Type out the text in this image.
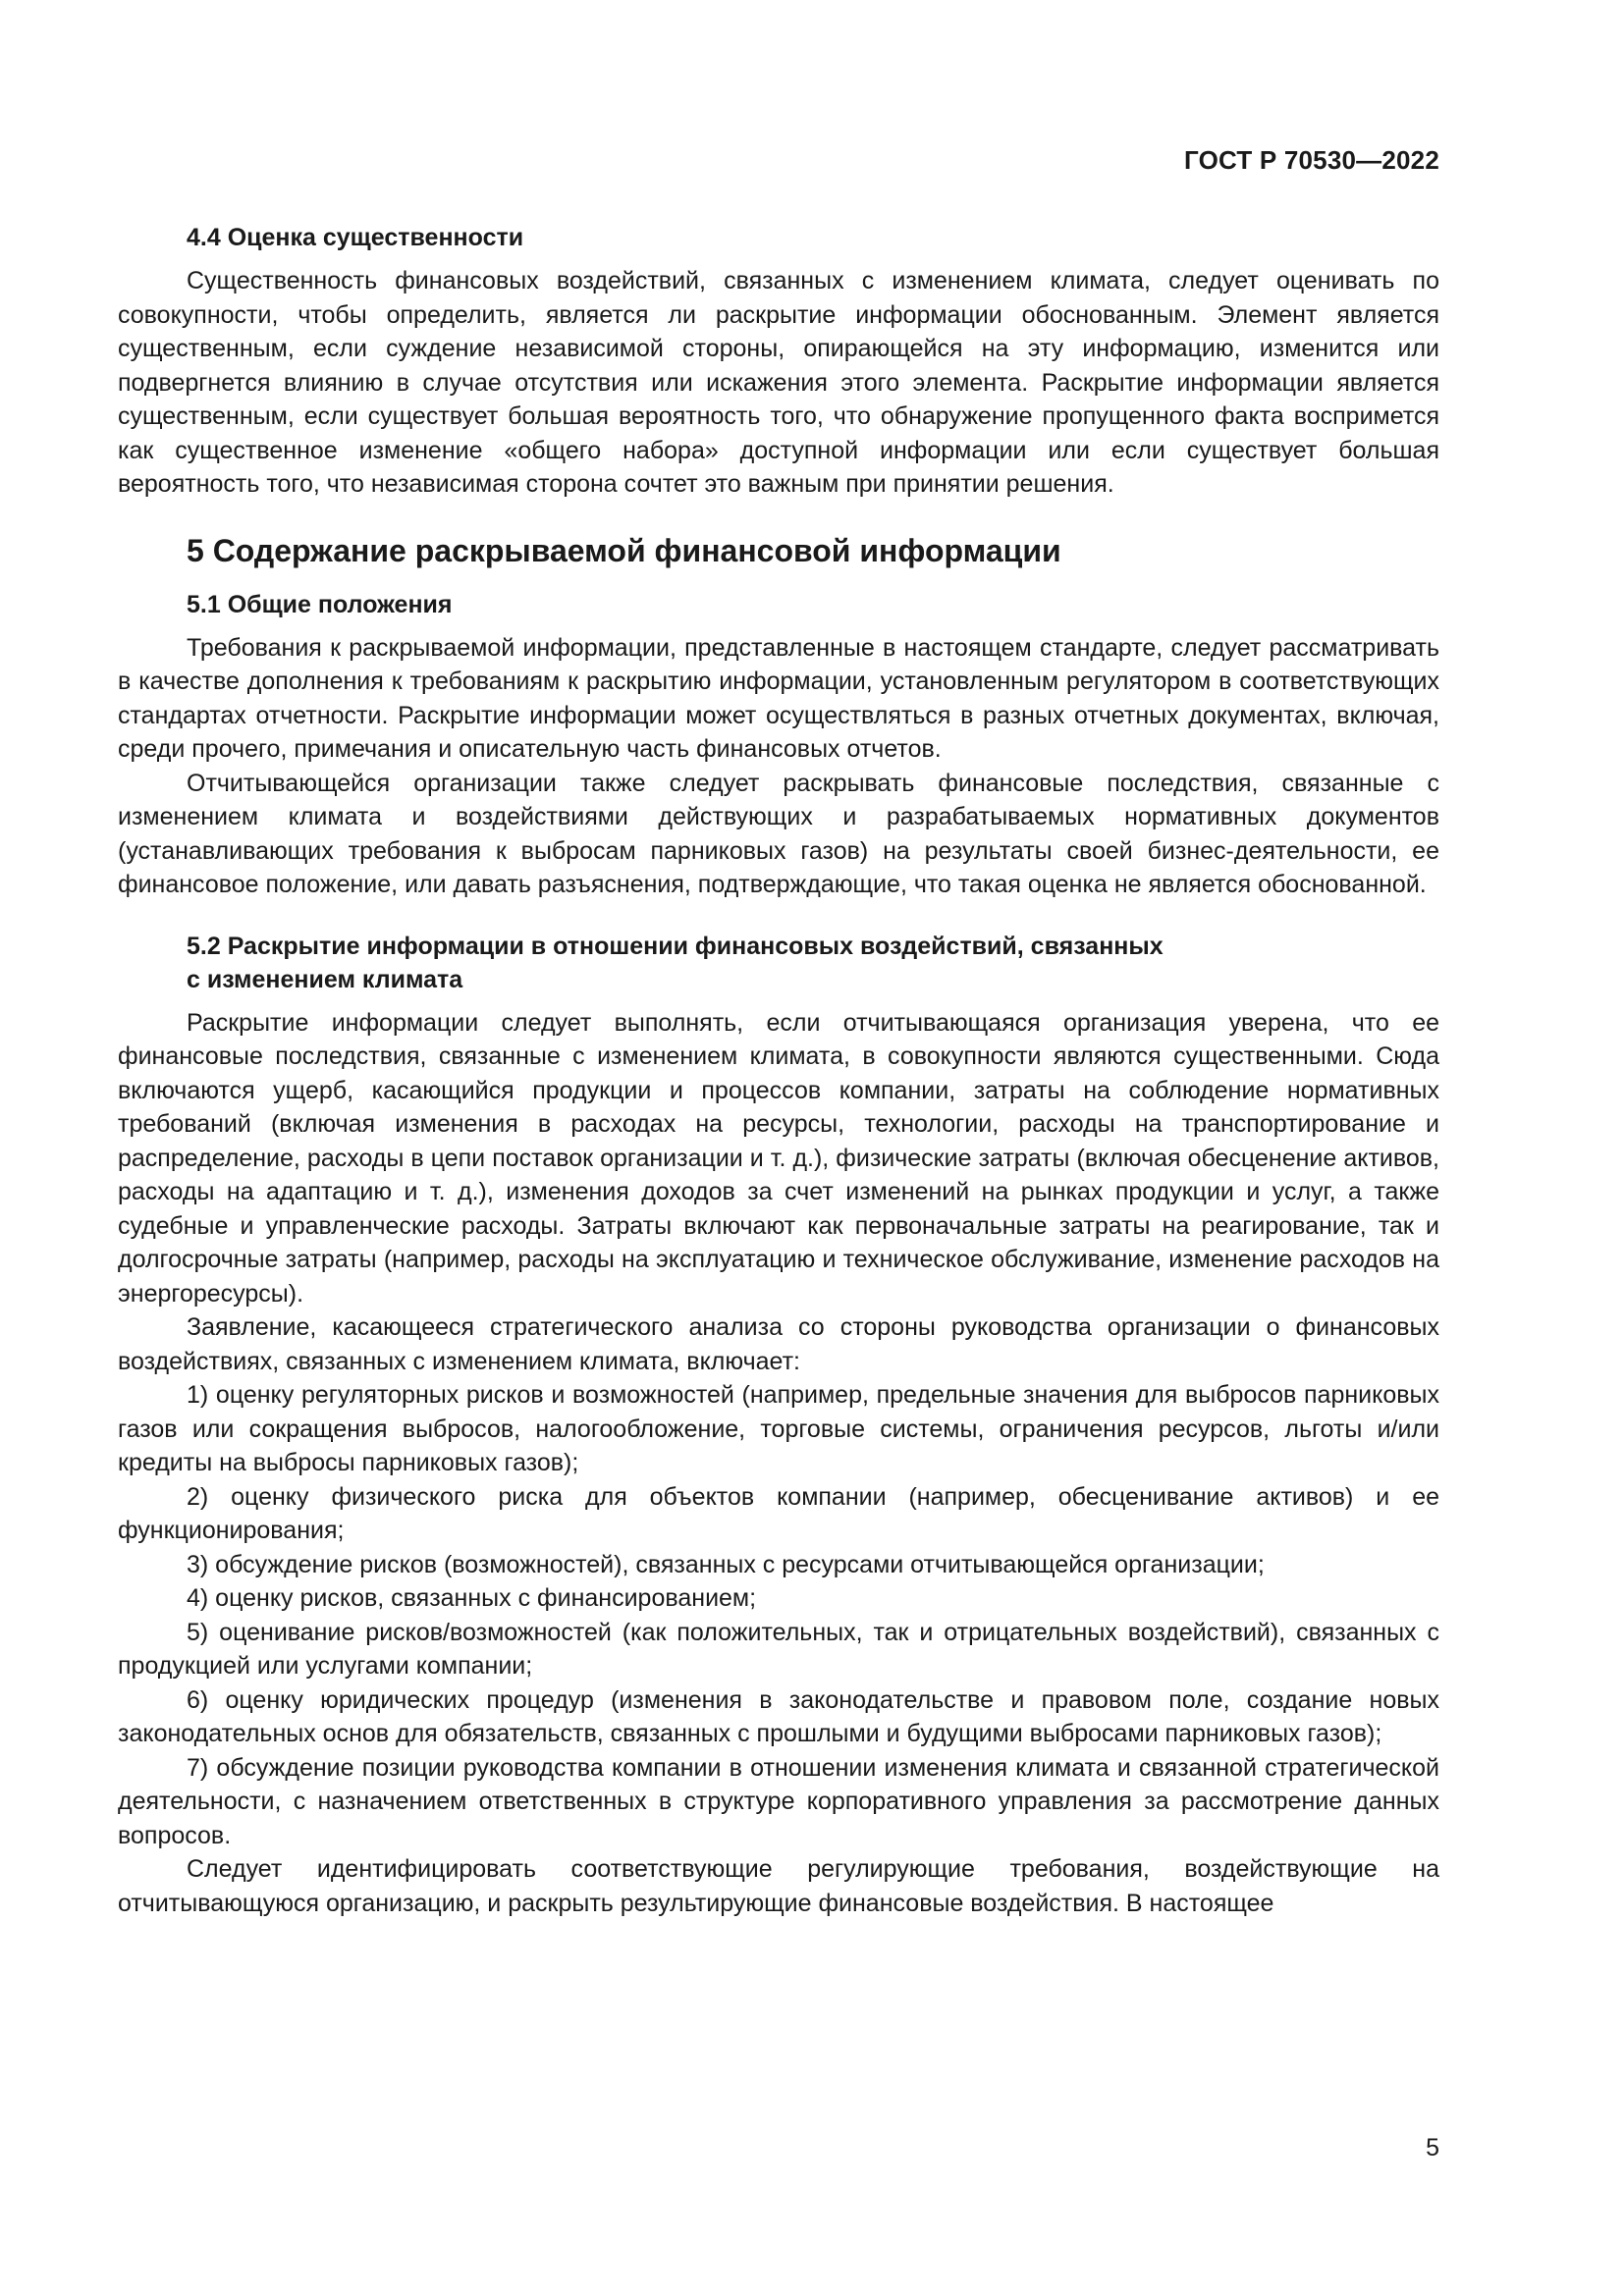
ГОСТ Р 70530—2022
4.4 Оценка существенности

Существенность финансовых воздействий, связанных с изменением климата, следует оценивать по совокупности, чтобы определить, является ли раскрытие информации обоснованным. Элемент является существенным, если суждение независимой стороны, опирающейся на эту информацию, изменится или подвергнется влиянию в случае отсутствия или искажения этого элемента. Раскрытие информации является существенным, если существует большая вероятность того, что обнаружение пропущенного факта воспримется как существенное изменение «общего набора» доступной информации или если существует большая вероятность того, что независимая сторона сочтет это важным при принятии решения.

5 Содержание раскрываемой финансовой информации
5.1 Общие положения

Требования к раскрываемой информации, представленные в настоящем стандарте, следует рассматривать в качестве дополнения к требованиям к раскрытию информации, установленным регулятором в соответствующих стандартах отчетности. Раскрытие информации может осуществляться в разных отчетных документах, включая, среди прочего, примечания и описательную часть финансовых отчетов.

Отчитывающейся организации также следует раскрывать финансовые последствия, связанные с изменением климата и воздействиями действующих и разрабатываемых нормативных документов (устанавливающих требования к выбросам парниковых газов) на результаты своей бизнес-деятельности, ее финансовое положение, или давать разъяснения, подтверждающие, что такая оценка не является обоснованной.

5.2 Раскрытие информации в отношении финансовых воздействий, связанных
с изменением климата

Раскрытие информации следует выполнять, если отчитывающаяся организация уверена, что ее финансовые последствия, связанные с изменением климата, в совокупности являются существенными. Сюда включаются ущерб, касающийся продукции и процессов компании, затраты на соблюдение нормативных требований (включая изменения в расходах на ресурсы, технологии, расходы на транспортирование и распределение, расходы в цепи поставок организации и т. д.), физические затраты (включая обесценение активов, расходы на адаптацию и т. д.), изменения доходов за счет изменений на рынках продукции и услуг, а также судебные и управленческие расходы. Затраты включают как первоначальные затраты на реагирование, так и долгосрочные затраты (например, расходы на эксплуатацию и техническое обслуживание, изменение расходов на энергоресурсы).

Заявление, касающееся стратегического анализа со стороны руководства организации о финансовых воздействиях, связанных с изменением климата, включает:

1) оценку регуляторных рисков и возможностей (например, предельные значения для выбросов парниковых газов или сокращения выбросов, налогообложение, торговые системы, ограничения ресурсов, льготы и/или кредиты на выбросы парниковых газов);

2) оценку физического риска для объектов компании (например, обесценивание активов) и ее функционирования;

3) обсуждение рисков (возможностей), связанных с ресурсами отчитывающейся организации;

4) оценку рисков, связанных с финансированием;

5) оценивание рисков/возможностей (как положительных, так и отрицательных воздействий), связанных с продукцией или услугами компании;

6) оценку юридических процедур (изменения в законодательстве и правовом поле, создание новых законодательных основ для обязательств, связанных с прошлыми и будущими выбросами парниковых газов);

7) обсуждение позиции руководства компании в отношении изменения климата и связанной стратегической деятельности, с назначением ответственных в структуре корпоративного управления за рассмотрение данных вопросов.

Следует идентифицировать соответствующие регулирующие требования, воздействующие на отчитывающуюся организацию, и раскрыть результирующие финансовые воздействия. В настоящее

5
